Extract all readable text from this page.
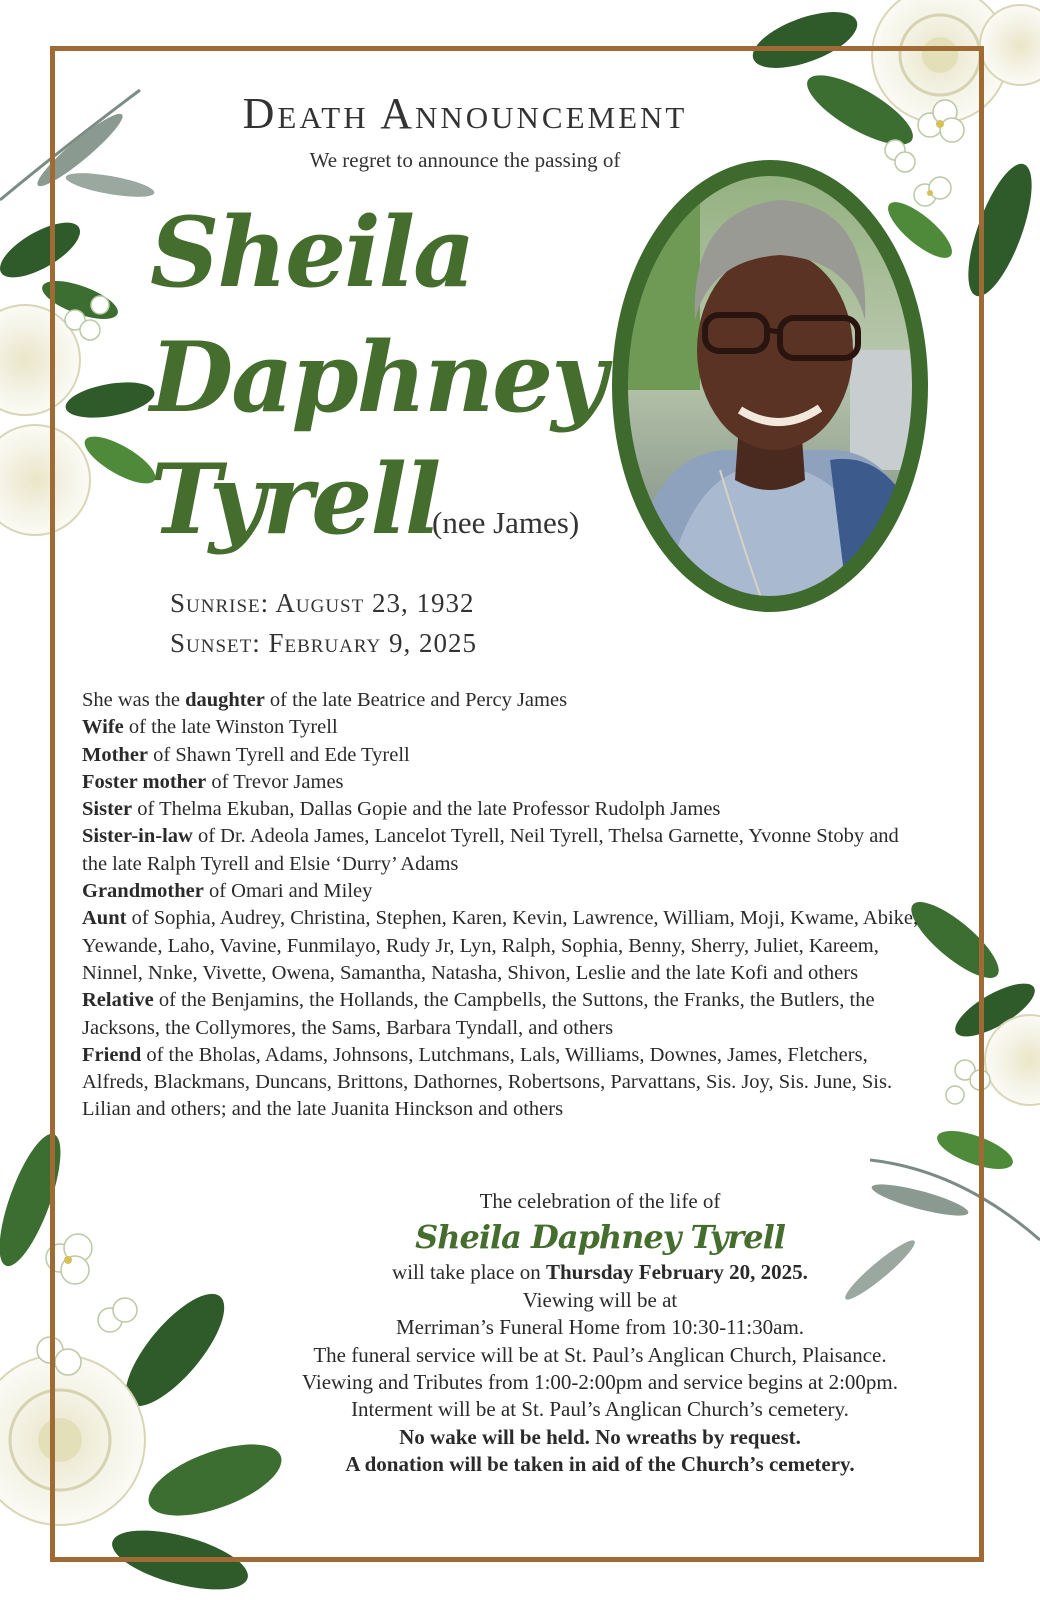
Death Announcement
We regret to announce the passing of
Sheila
Daphney
Tyrell
(nee James)
Sunrise: August 23, 1932
Sunset: February 9, 2025
She was the daughter of the late Beatrice and Percy James
Wife of the late Winston Tyrell
Mother of Shawn Tyrell and Ede Tyrell
Foster mother of Trevor James
Sister of Thelma Ekuban, Dallas Gopie and the late Professor Rudolph James
Sister-in-law of Dr. Adeola James, Lancelot Tyrell, Neil Tyrell, Thelsa Garnette, Yvonne Stoby and the late Ralph Tyrell and Elsie ‘Durry’ Adams
Grandmother of Omari and Miley
Aunt of Sophia, Audrey, Christina, Stephen, Karen, Kevin, Lawrence, William, Moji, Kwame, Abike, Yewande, Laho, Vavine, Funmilayo, Rudy Jr, Lyn, Ralph, Sophia, Benny, Sherry, Juliet, Kareem, Ninnel, Nnke, Vivette, Owena, Samantha, Natasha, Shivon, Leslie and the late Kofi and others
Relative of the Benjamins, the Hollands, the Campbells, the Suttons, the Franks, the Butlers, the Jacksons, the Collymores, the Sams, Barbara Tyndall, and others
Friend of the Bholas, Adams, Johnsons, Lutchmans, Lals, Williams, Downes, James, Fletchers, Alfreds, Blackmans, Duncans, Brittons, Dathornes, Robertsons, Parvattans, Sis. Joy, Sis. June, Sis. Lilian and others; and the late Juanita Hinckson and others
The celebration of the life of
Sheila Daphney Tyrell
will take place on Thursday February 20, 2025.
Viewing will be at
Merriman’s Funeral Home from 10:30-11:30am.
The funeral service will be at St. Paul’s Anglican Church, Plaisance.
Viewing and Tributes from 1:00-2:00pm and service begins at 2:00pm.
Interment will be at St. Paul’s Anglican Church’s cemetery.
No wake will be held. No wreaths by request.
A donation will be taken in aid of the Church’s cemetery.
